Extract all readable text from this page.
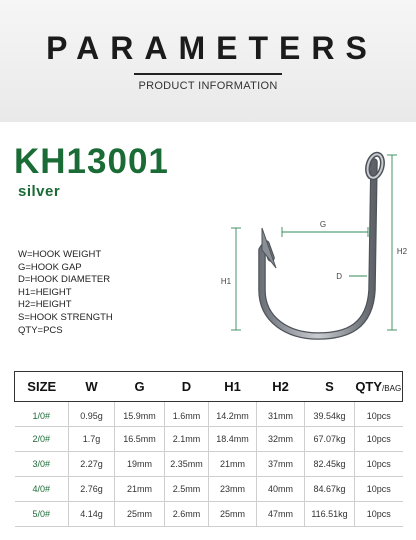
PARAMETERS
PRODUCT INFORMATION
KH13001
silver
W=HOOK WEIGHT
G=HOOK GAP
D=HOOK DIAMETER
H1=HEIGHT
H2=HEIGHT
S=HOOK STRENGTH
QTY=PCS
G
D
H1
H2
SIZE	W	G	D	H1	H2	S	QTY/BAG
1/0#	0.95g	15.9mm	1.6mm	14.2mm	31mm	39.54kg	10pcs
2/0#	1.7g	16.5mm	2.1mm	18.4mm	32mm	67.07kg	10pcs
3/0#	2.27g	19mm	2.35mm	21mm	37mm	82.45kg	10pcs
4/0#	2.76g	21mm	2.5mm	23mm	40mm	84.67kg	10pcs
5/0#	4.14g	25mm	2.6mm	25mm	47mm	116.51kg	10pcs
